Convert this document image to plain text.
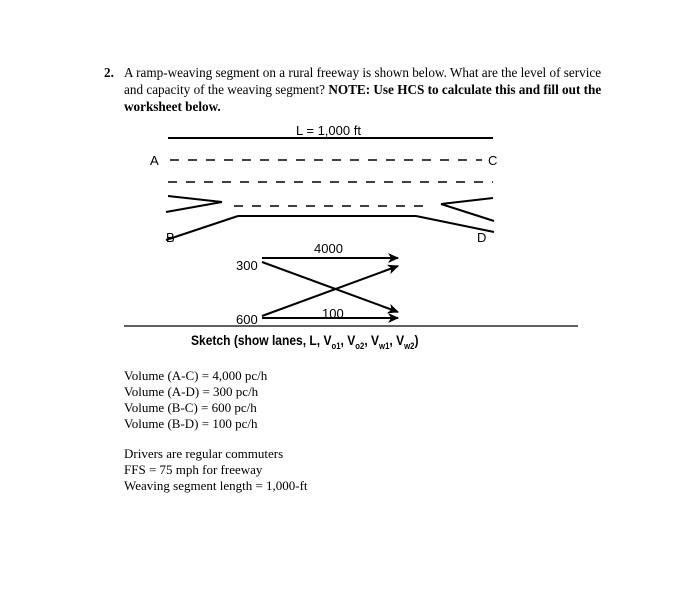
2. A ramp-weaving segment on a rural freeway is shown below. What are the level of service and capacity of the weaving segment? NOTE: Use HCS to calculate this and fill out the worksheet below.
L = 1,000 ft
A	C
B	D
4000
300
600	100
Sketch (show lanes, L, $V_{o1}$, $V_{o2}$, $V_{w1}$, $V_{w2}$)
Volume (A-C) = 4,000 pc/h
Volume (A-D) = 300 pc/h
Volume (B-C) = 600 pc/h
Volume (B-D) = 100 pc/h
Drivers are regular commuters
FFS = 75 mph for freeway
Weaving segment length = 1,000-ft
